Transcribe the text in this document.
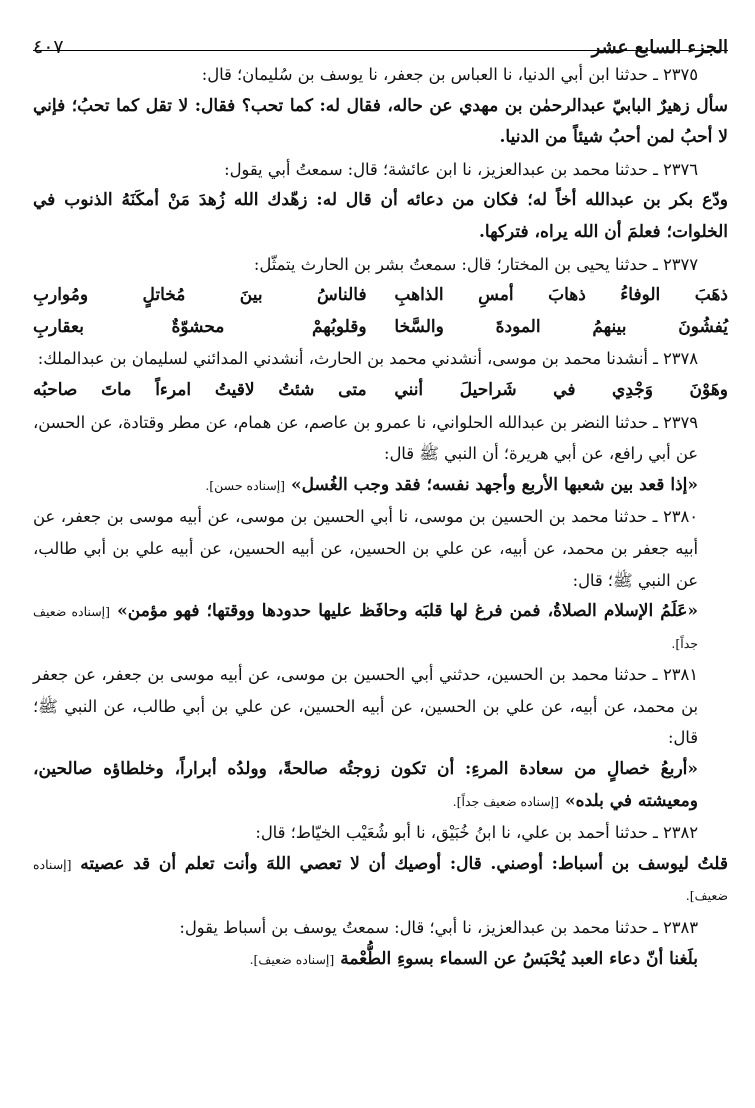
الجزء السابع عشر
٤٠٧

٢٣٧٥ ـ حدثنا ابن أبي الدنيا، نا العباس بن جعفر، نا يوسف بن سُليمان؛ قال:

سأل زهيرٌ البابيّ عبدالرحمٰن بن مهدي عن حاله، فقال له: كما تحب؟ فقال: لا تقل كما تحبُ؛ فإني لا أحبُ لمن أحبُ شيئاً من الدنيا.

٢٣٧٦ ـ حدثنا محمد بن عبدالعزيز، نا ابن عائشة؛ قال: سمعتُ أبي يقول:

ودّع بكر بن عبدالله أخاً له؛ فكان من دعائه أن قال له: زهّدك الله زُهدَ مَنْ أمكَنَهُ الذنوب في الخلوات؛ فعلمَ أن الله يراه، فتركها.

٢٣٧٧ ـ حدثنا يحيى بن المختار؛ قال: سمعتُ بشر بن الحارث يتمثّل:

ذهَبَ الوفاءُ ذهابَ أمسِ الذاهبِ
فالناسُ بينَ مُخاتلٍ ومُواربِ
يُفشُونَ بينهمُ المودةَ والسَّخا
وقلوبُهمْ محشوّةٌ بعقاربِ

٢٣٧٨ ـ أنشدنا محمد بن موسى، أنشدني محمد بن الحارث، أنشدني المدائني لسليمان بن عبدالملك:

وهَوْنَ وَجْدِي في شَراحيلَ أنني
متى شئتُ لاقيتُ امرءاً ماتَ صاحبُه

٢٣٧٩ ـ حدثنا النضر بن عبدالله الحلواني، نا عمرو بن عاصم، عن همام، عن مطر وقتادة، عن الحسن، عن أبي رافع، عن أبي هريرة؛ أن النبي ﷺ قال:

«إذا قعد بين شعبها الأربع وأجهد نفسه؛ فقد وجب الغُسل» [إسناده حسن].

٢٣٨٠ ـ حدثنا محمد بن الحسين بن موسى، نا أبي الحسين بن موسى، عن أبيه موسى بن جعفر، عن أبيه جعفر بن محمد، عن أبيه، عن علي بن الحسين، عن أبيه الحسين، عن أبيه علي بن أبي طالب، عن النبي ﷺ؛ قال:

«عَلَمُ الإسلام الصلاةُ، فمن فرغ لها قلبَه وحافَظ عليها حدودها ووقتها؛ فهو مؤمن» [إسناده ضعيف جداً].

٢٣٨١ ـ حدثنا محمد بن الحسين، حدثني أبي الحسين بن موسى، عن أبيه موسى بن جعفر، عن جعفر بن محمد، عن أبيه، عن علي بن الحسين، عن أبيه الحسين، عن علي بن أبي طالب، عن النبي ﷺ؛ قال:

«أربعُ خصالٍ من سعادة المرءِ: أن تكون زوجتُه صالحةً، وولدُه أبراراً، وخلطاؤه صالحين، ومعيشته في بلده» [إسناده ضعيف جداً].

٢٣٨٢ ـ حدثنا أحمد بن علي، نا ابنُ خُبَيْق، نا أبو شُعَيْب الخيّاط؛ قال:

قلتُ ليوسف بن أسباط: أوصني. قال: أوصيك أن لا تعصي اللهَ وأنت تعلم أن قد عصيته [إسناده ضعيف].

٢٣٨٣ ـ حدثنا محمد بن عبدالعزيز، نا أبي؛ قال: سمعتُ يوسف بن أسباط يقول:

بلَغنا أنّ دعاء العبد يُحْبَسُ عن السماء بسوءِ الطُّعْمة [إسناده ضعيف].
